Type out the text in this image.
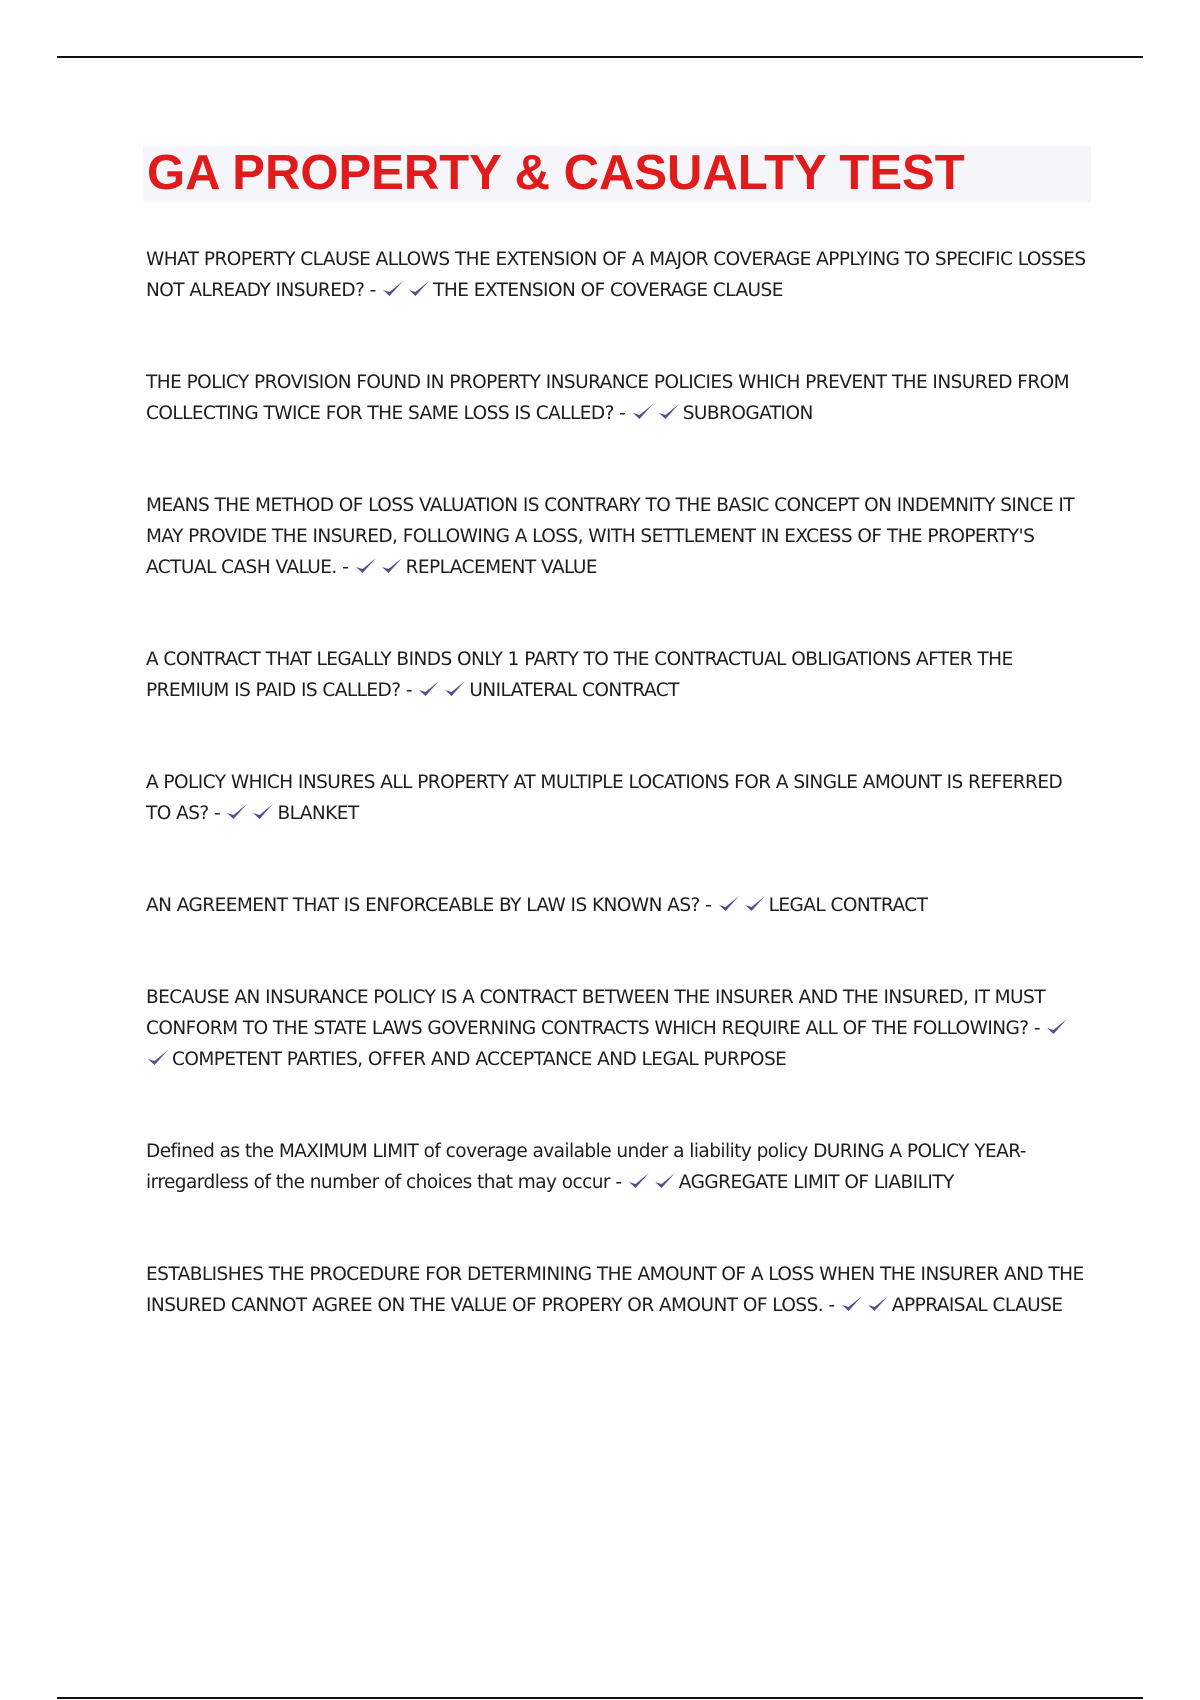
GA PROPERTY & CASUALTY TEST
WHAT PROPERTY CLAUSE ALLOWS THE EXTENSION OF A MAJOR COVERAGE APPLYING TO SPECIFIC LOSSES NOT ALREADY INSURED? -	THE EXTENSION OF COVERAGE CLAUSE
THE POLICY PROVISION FOUND IN PROPERTY INSURANCE POLICIES WHICH PREVENT THE INSURED FROM COLLECTING TWICE FOR THE SAME LOSS IS CALLED? -	SUBROGATION
MEANS THE METHOD OF LOSS VALUATION IS CONTRARY TO THE BASIC CONCEPT ON INDEMNITY SINCE IT MAY PROVIDE THE INSURED, FOLLOWING A LOSS, WITH SETTLEMENT IN EXCESS OF THE PROPERTY'S ACTUAL CASH VALUE. -	REPLACEMENT VALUE
A CONTRACT THAT LEGALLY BINDS ONLY 1 PARTY TO THE CONTRACTUAL OBLIGATIONS AFTER THE PREMIUM IS PAID IS CALLED? -	UNILATERAL CONTRACT
A POLICY WHICH INSURES ALL PROPERTY AT MULTIPLE LOCATIONS FOR A SINGLE AMOUNT IS REFERRED TO AS? -	BLANKET
AN AGREEMENT THAT IS ENFORCEABLE BY LAW IS KNOWN AS? -	LEGAL CONTRACT
BECAUSE AN INSURANCE POLICY IS A CONTRACT BETWEEN THE INSURER AND THE INSURED, IT MUST CONFORM TO THE STATE LAWS GOVERNING CONTRACTS WHICH REQUIRE ALL OF THE FOLLOWING? -
COMPETENT PARTIES, OFFER AND ACCEPTANCE AND LEGAL PURPOSE
Defined as the MAXIMUM LIMIT of coverage available under a liability policy DURING A POLICY YEAR- irregardless of the number of choices that may occur -	AGGREGATE LIMIT OF LIABILITY
ESTABLISHES THE PROCEDURE FOR DETERMINING THE AMOUNT OF A LOSS WHEN THE INSURER AND THE INSURED CANNOT AGREE ON THE VALUE OF PROPERY OR AMOUNT OF LOSS. -	APPRAISAL CLAUSE
